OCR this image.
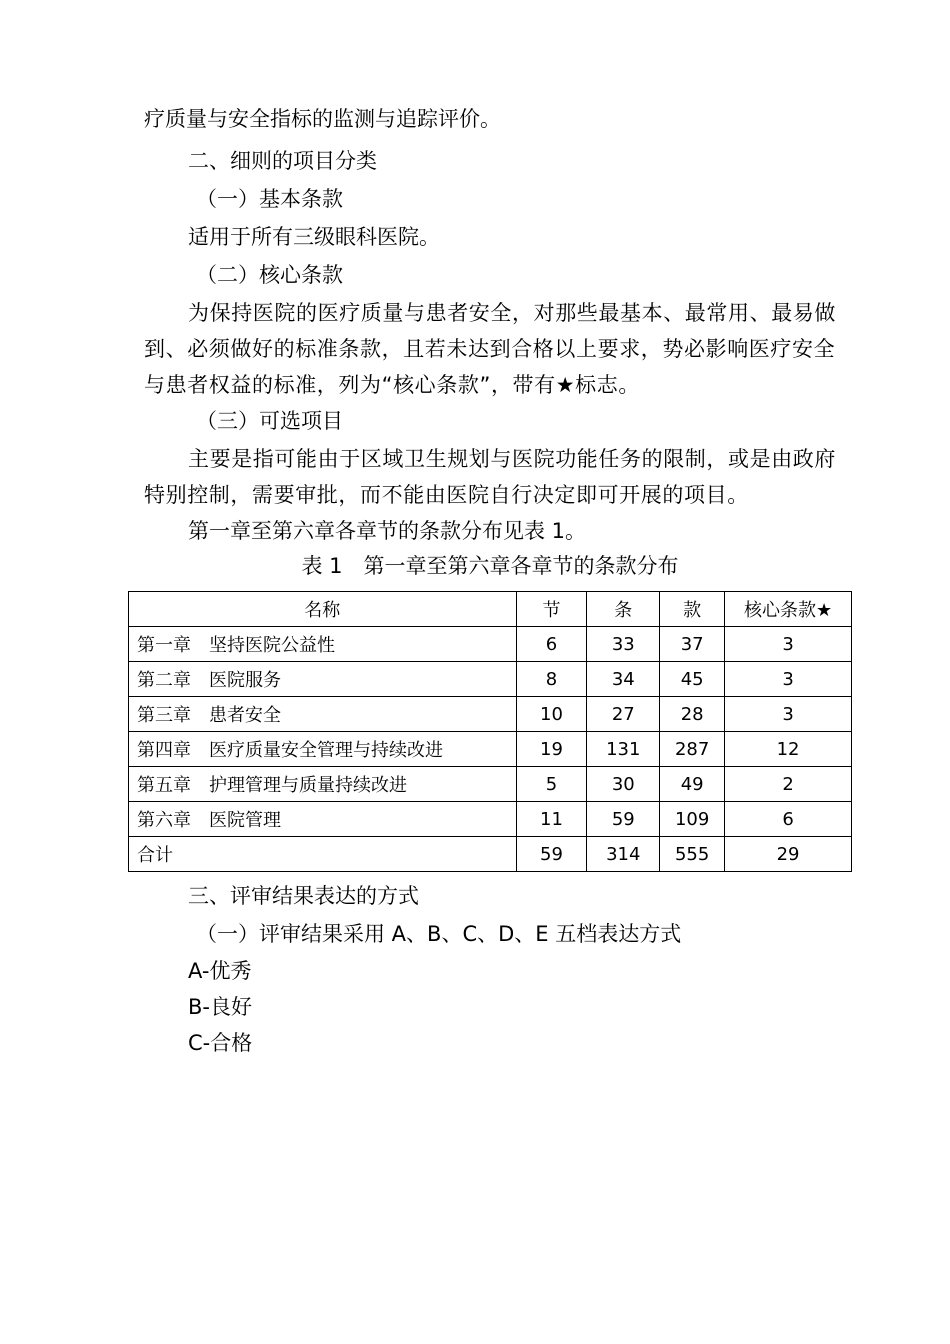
疗质量与安全指标的监测与追踪评价。
二、细则的项目分类
（一）基本条款
适用于所有三级眼科医院。
（二）核心条款
为保持医院的医疗质量与患者安全，对那些最基本、最常用、最易做到、必须做好的标准条款，且若未达到合格以上要求，势必影响医疗安全与患者权益的标准，列为“核心条款”，带有★标志。
（三）可选项目
主要是指可能由于区域卫生规划与医院功能任务的限制，或是由政府特别控制，需要审批，而不能由医院自行决定即可开展的项目。
第一章至第六章各章节的条款分布见表 1。
表 1　第一章至第六章各章节的条款分布
名称	节	条	款	核心条款★
第一章　坚持医院公益性	6	33	37	3
第二章　医院服务	8	34	45	3
第三章　患者安全	10	27	28	3
第四章　医疗质量安全管理与持续改进	19	131	287	12
第五章　护理管理与质量持续改进	5	30	49	2
第六章　医院管理	11	59	109	6
合计	59	314	555	29
三、评审结果表达的方式
（一）评审结果采用 A、B、C、D、E 五档表达方式
A-优秀
B-良好
C-合格
